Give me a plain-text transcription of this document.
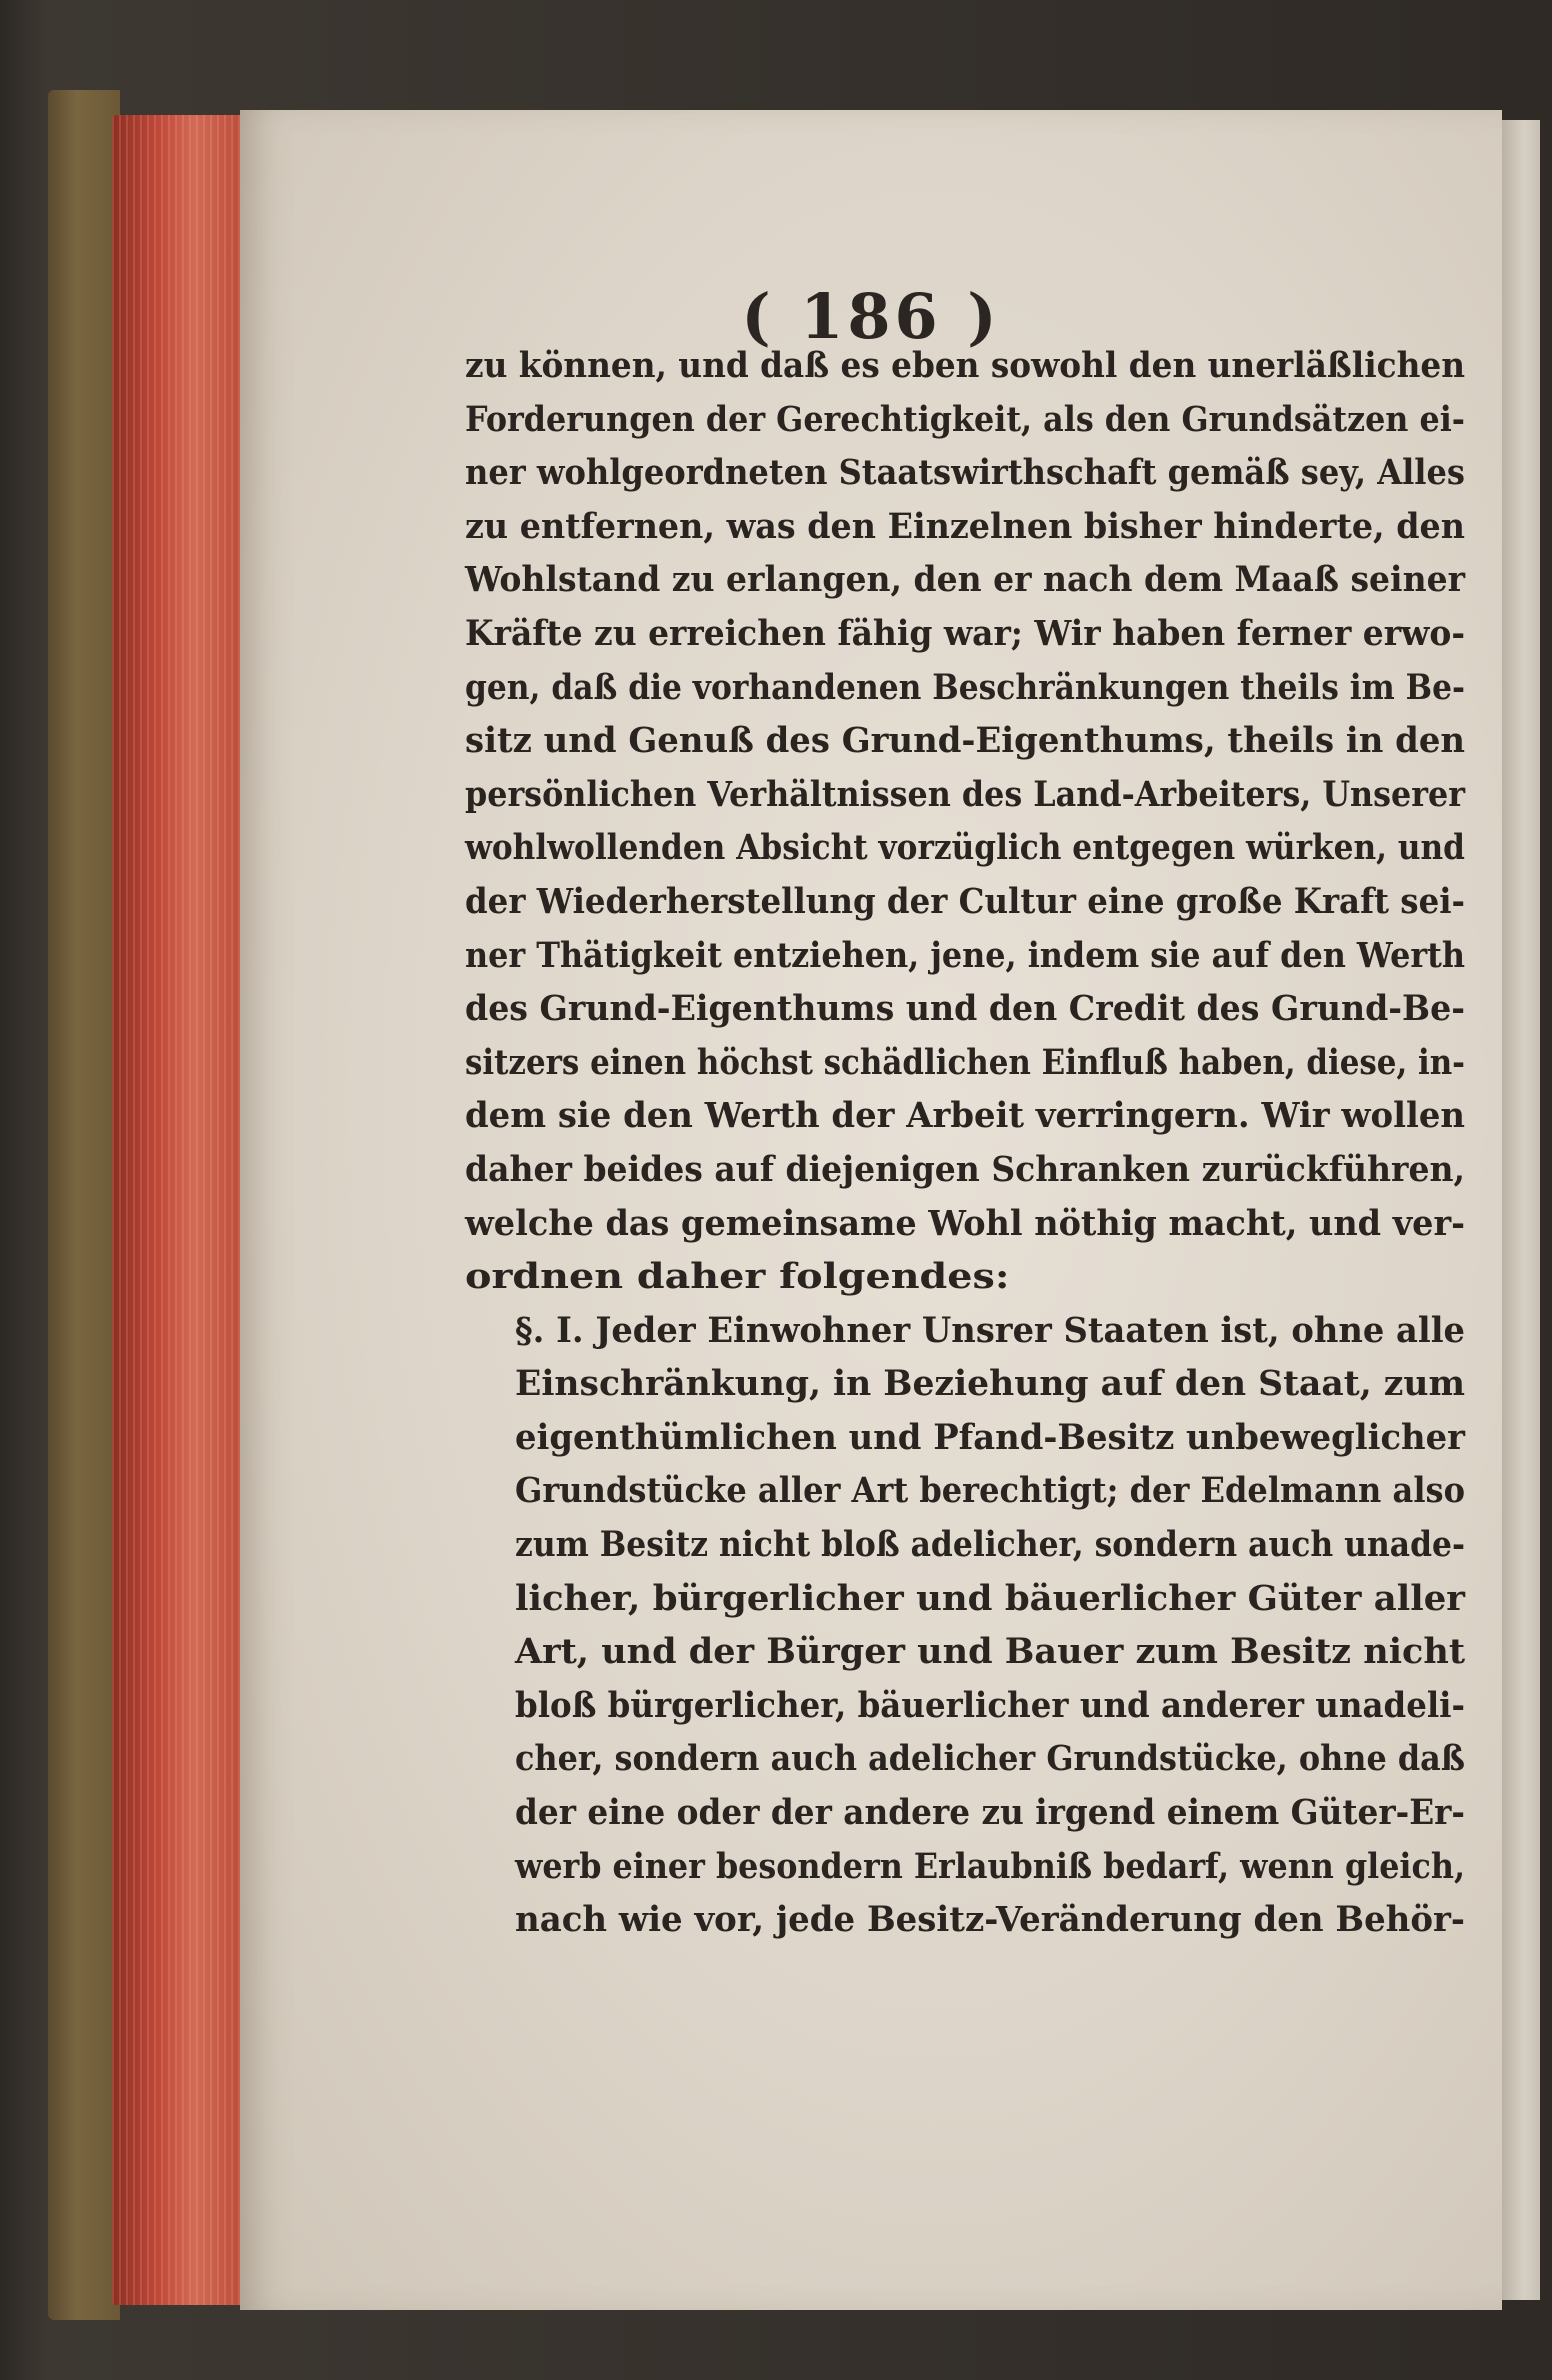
( 186 )
zu können, und daß es eben sowohl den unerläßlichen
Forderungen der Gerechtigkeit, als den Grundsätzen ei-
ner wohlgeordneten Staatswirthschaft gemäß sey, Alles
zu entfernen, was den Einzelnen bisher hinderte, den
Wohlstand zu erlangen, den er nach dem Maaß seiner
Kräfte zu erreichen fähig war; Wir haben ferner erwo-
gen, daß die vorhandenen Beschränkungen theils im Be-
sitz und Genuß des Grund-Eigenthums, theils in den
persönlichen Verhältnissen des Land-Arbeiters, Unserer
wohlwollenden Absicht vorzüglich entgegen würken, und
der Wiederherstellung der Cultur eine große Kraft sei-
ner Thätigkeit entziehen, jene, indem sie auf den Werth
des Grund-Eigenthums und den Credit des Grund-Be-
sitzers einen höchst schädlichen Einfluß haben, diese, in-
dem sie den Werth der Arbeit verringern. Wir wollen
daher beides auf diejenigen Schranken zurückführen,
welche das gemeinsame Wohl nöthig macht, und ver-
ordnen daher folgendes:
§. I. Jeder Einwohner Unsrer Staaten ist, ohne alle
Einschränkung, in Beziehung auf den Staat, zum
eigenthümlichen und Pfand-Besitz unbeweglicher
Grundstücke aller Art berechtigt; der Edelmann also
zum Besitz nicht bloß adelicher, sondern auch unade-
licher, bürgerlicher und bäuerlicher Güter aller
Art, und der Bürger und Bauer zum Besitz nicht
bloß bürgerlicher, bäuerlicher und anderer unadeli-
cher, sondern auch adelicher Grundstücke, ohne daß
der eine oder der andere zu irgend einem Güter-Er-
werb einer besondern Erlaubniß bedarf, wenn gleich,
nach wie vor, jede Besitz-Veränderung den Behör-
